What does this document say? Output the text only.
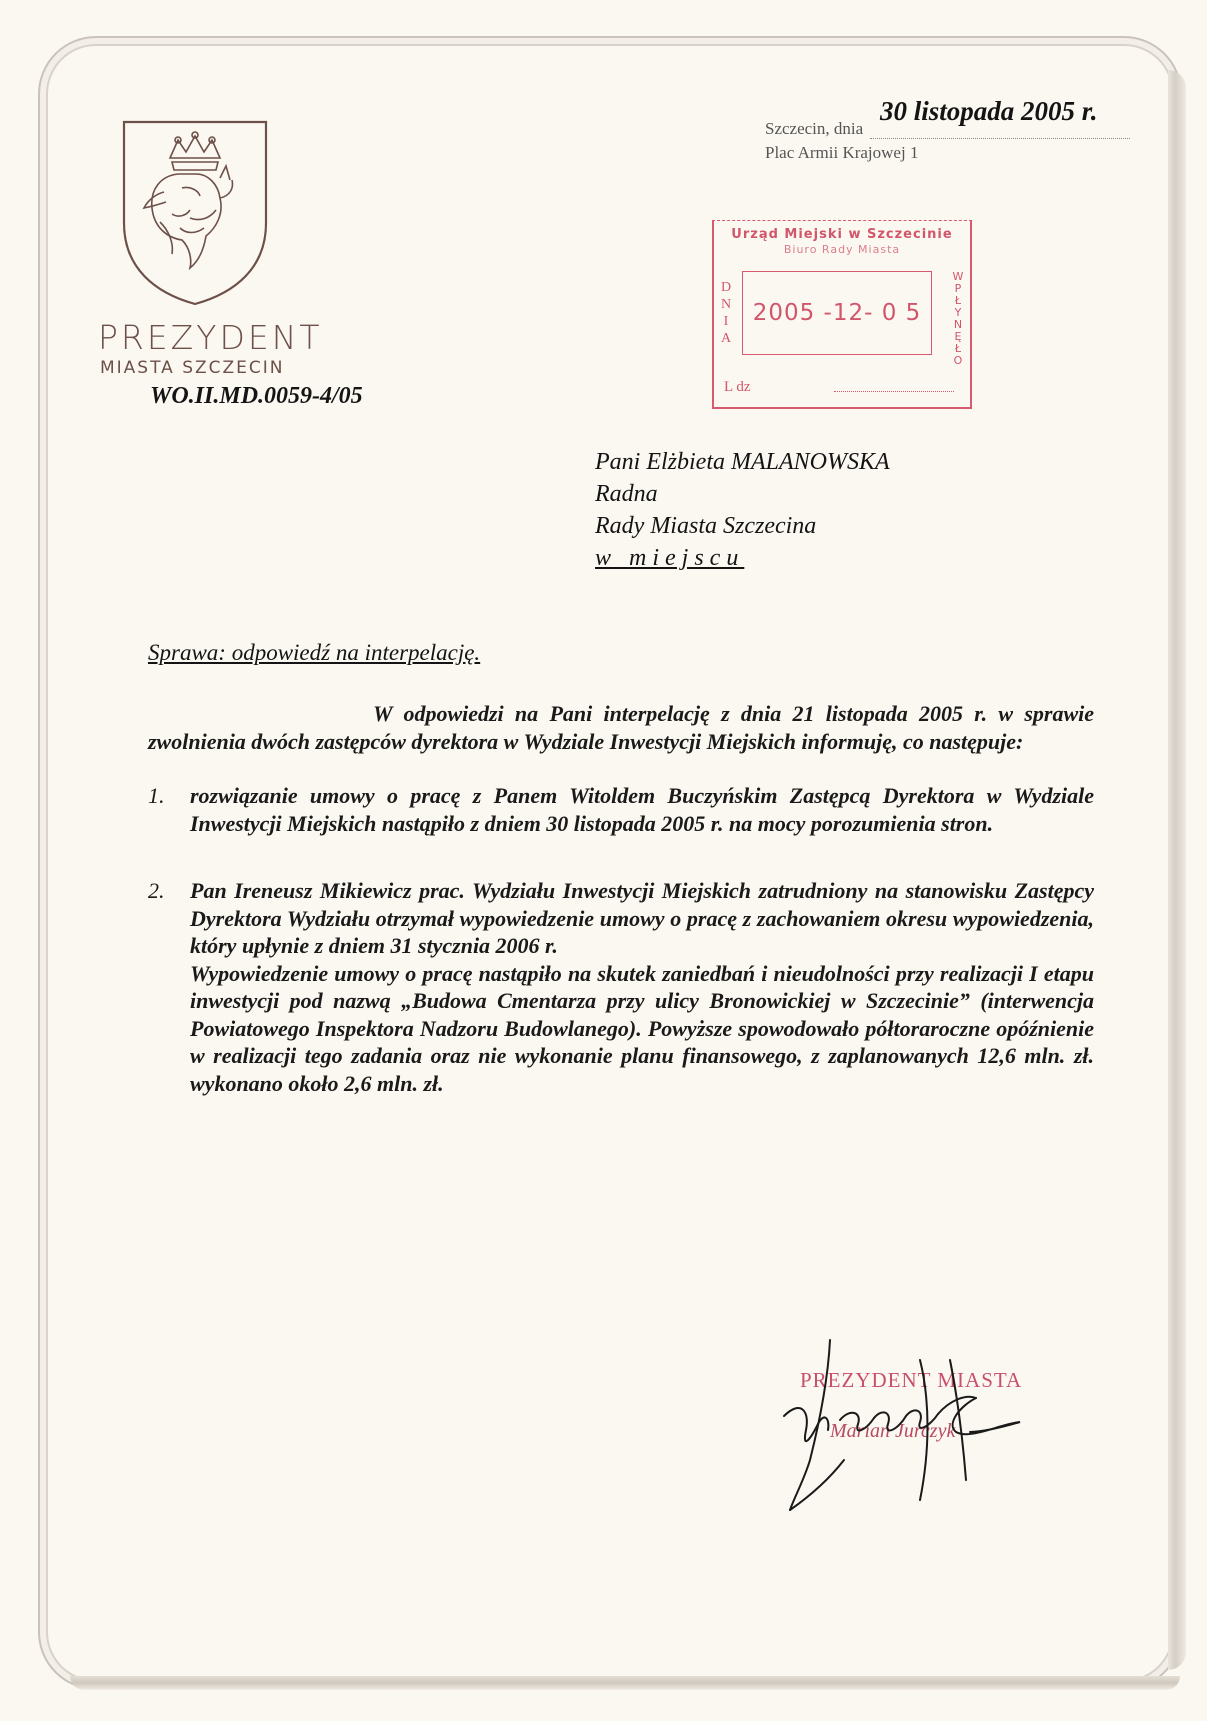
PREZYDENT
MIASTA SZCZECIN
WO.II.MD.0059-4/05
30 listopada 2005 r.
Szczecin, dnia
Plac Armii Krajowej 1
Urząd Miejski w Szczecinie
Biuro Rady Miasta
D
N
I
A
W
P
Ł
Y
N
Ę
Ł
O
2005 -12- 0 5
L dz
Pani Elżbieta MALANOWSKA
Radna
Rady Miasta Szczecina
w miejscu
Sprawa: odpowiedź na interpelację.
W odpowiedzi na Pani interpelację z dnia 21 listopada 2005 r. w sprawie zwolnienia dwóch zastępców dyrektora w Wydziale Inwestycji Miejskich informuję, co następuje:
1. rozwiązanie umowy o pracę z Panem Witoldem Buczyńskim Zastępcą Dyrektora w Wydziale Inwestycji Miejskich nastąpiło z dniem 30 listopada 2005 r. na mocy porozumienia stron.
2. Pan Ireneusz Mikiewicz prac. Wydziału Inwestycji Miejskich zatrudniony na stanowisku Zastępcy Dyrektora Wydziału otrzymał wypowiedzenie umowy o pracę z zachowaniem okresu wypowiedzenia, który upłynie z dniem 31 stycznia 2006 r.
Wypowiedzenie umowy o pracę nastąpiło na skutek zaniedbań i nieudolności przy realizacji I etapu inwestycji pod nazwą „Budowa Cmentarza przy ulicy Bronowickiej w Szczecinie” (interwencja Powiatowego Inspektora Nadzoru Budowlanego). Powyższe spowodowało półtoraroczne opóźnienie w realizacji tego zadania oraz nie wykonanie planu finansowego, z zaplanowanych 12,6 mln. zł. wykonano około 2,6 mln. zł.
PREZYDENT MIASTA
Marian Jurczyk
